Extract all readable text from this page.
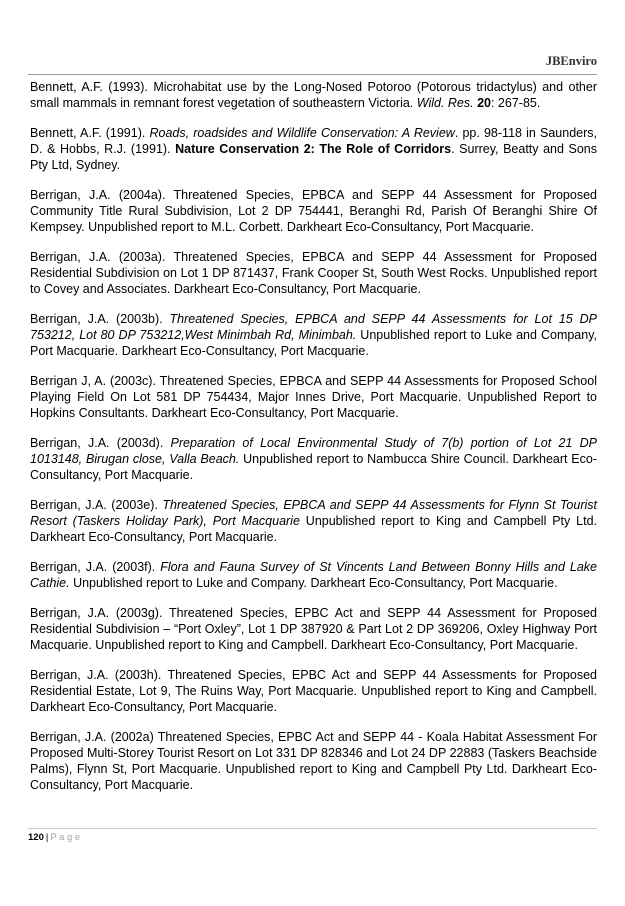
JBEnviro

Bennett, A.F. (1993). Microhabitat use by the Long-Nosed Potoroo (Potorous tridactylus) and other small mammals in remnant forest vegetation of southeastern Victoria. Wild. Res. 20: 267-85.

Bennett, A.F. (1991). Roads, roadsides and Wildlife Conservation: A Review. pp. 98-118 in Saunders, D. & Hobbs, R.J. (1991). Nature Conservation 2: The Role of Corridors. Surrey, Beatty and Sons Pty Ltd, Sydney.

Berrigan, J.A. (2004a). Threatened Species, EPBCA and SEPP 44 Assessment for Proposed Community Title Rural Subdivision, Lot 2 DP 754441, Beranghi Rd, Parish Of Beranghi Shire Of Kempsey. Unpublished report to M.L. Corbett. Darkheart Eco-Consultancy, Port Macquarie.

Berrigan, J.A. (2003a). Threatened Species, EPBCA and SEPP 44 Assessment for Proposed Residential Subdivision on Lot 1 DP 871437, Frank Cooper St, South West Rocks. Unpublished report to Covey and Associates. Darkheart Eco-Consultancy, Port Macquarie.

Berrigan, J.A. (2003b). Threatened Species, EPBCA and SEPP 44 Assessments for Lot 15 DP 753212, Lot 80 DP 753212,West Minimbah Rd, Minimbah. Unpublished report to Luke and Company, Port Macquarie. Darkheart Eco-Consultancy, Port Macquarie.

Berrigan J, A. (2003c). Threatened Species, EPBCA and SEPP 44 Assessments for Proposed School Playing Field On Lot 581 DP 754434, Major Innes Drive, Port Macquarie. Unpublished Report to Hopkins Consultants. Darkheart Eco-Consultancy, Port Macquarie.

Berrigan, J.A. (2003d). Preparation of Local Environmental Study of 7(b) portion of Lot 21 DP 1013148, Birugan close, Valla Beach. Unpublished report to Nambucca Shire Council. Darkheart Eco-Consultancy, Port Macquarie.

Berrigan, J.A. (2003e). Threatened Species, EPBCA and SEPP 44 Assessments for Flynn St Tourist Resort (Taskers Holiday Park), Port Macquarie Unpublished report to King and Campbell Pty Ltd. Darkheart Eco-Consultancy, Port Macquarie.

Berrigan, J.A. (2003f). Flora and Fauna Survey of St Vincents Land Between Bonny Hills and Lake Cathie. Unpublished report to Luke and Company. Darkheart Eco-Consultancy, Port Macquarie.

Berrigan, J.A. (2003g). Threatened Species, EPBC Act and SEPP 44 Assessment for Proposed Residential Subdivision – “Port Oxley”, Lot 1 DP 387920 & Part Lot 2 DP 369206, Oxley Highway Port Macquarie. Unpublished report to King and Campbell. Darkheart Eco-Consultancy, Port Macquarie.

Berrigan, J.A. (2003h). Threatened Species, EPBC Act and SEPP 44 Assessments for Proposed Residential Estate, Lot 9, The Ruins Way, Port Macquarie. Unpublished report to King and Campbell. Darkheart Eco-Consultancy, Port Macquarie.

Berrigan, J.A. (2002a) Threatened Species, EPBC Act and SEPP 44 - Koala Habitat Assessment For Proposed Multi-Storey Tourist Resort on Lot 331 DP 828346 and Lot 24 DP 22883 (Taskers Beachside Palms), Flynn St, Port Macquarie. Unpublished report to King and Campbell Pty Ltd. Darkheart Eco-Consultancy, Port Macquarie.

120 | Page
